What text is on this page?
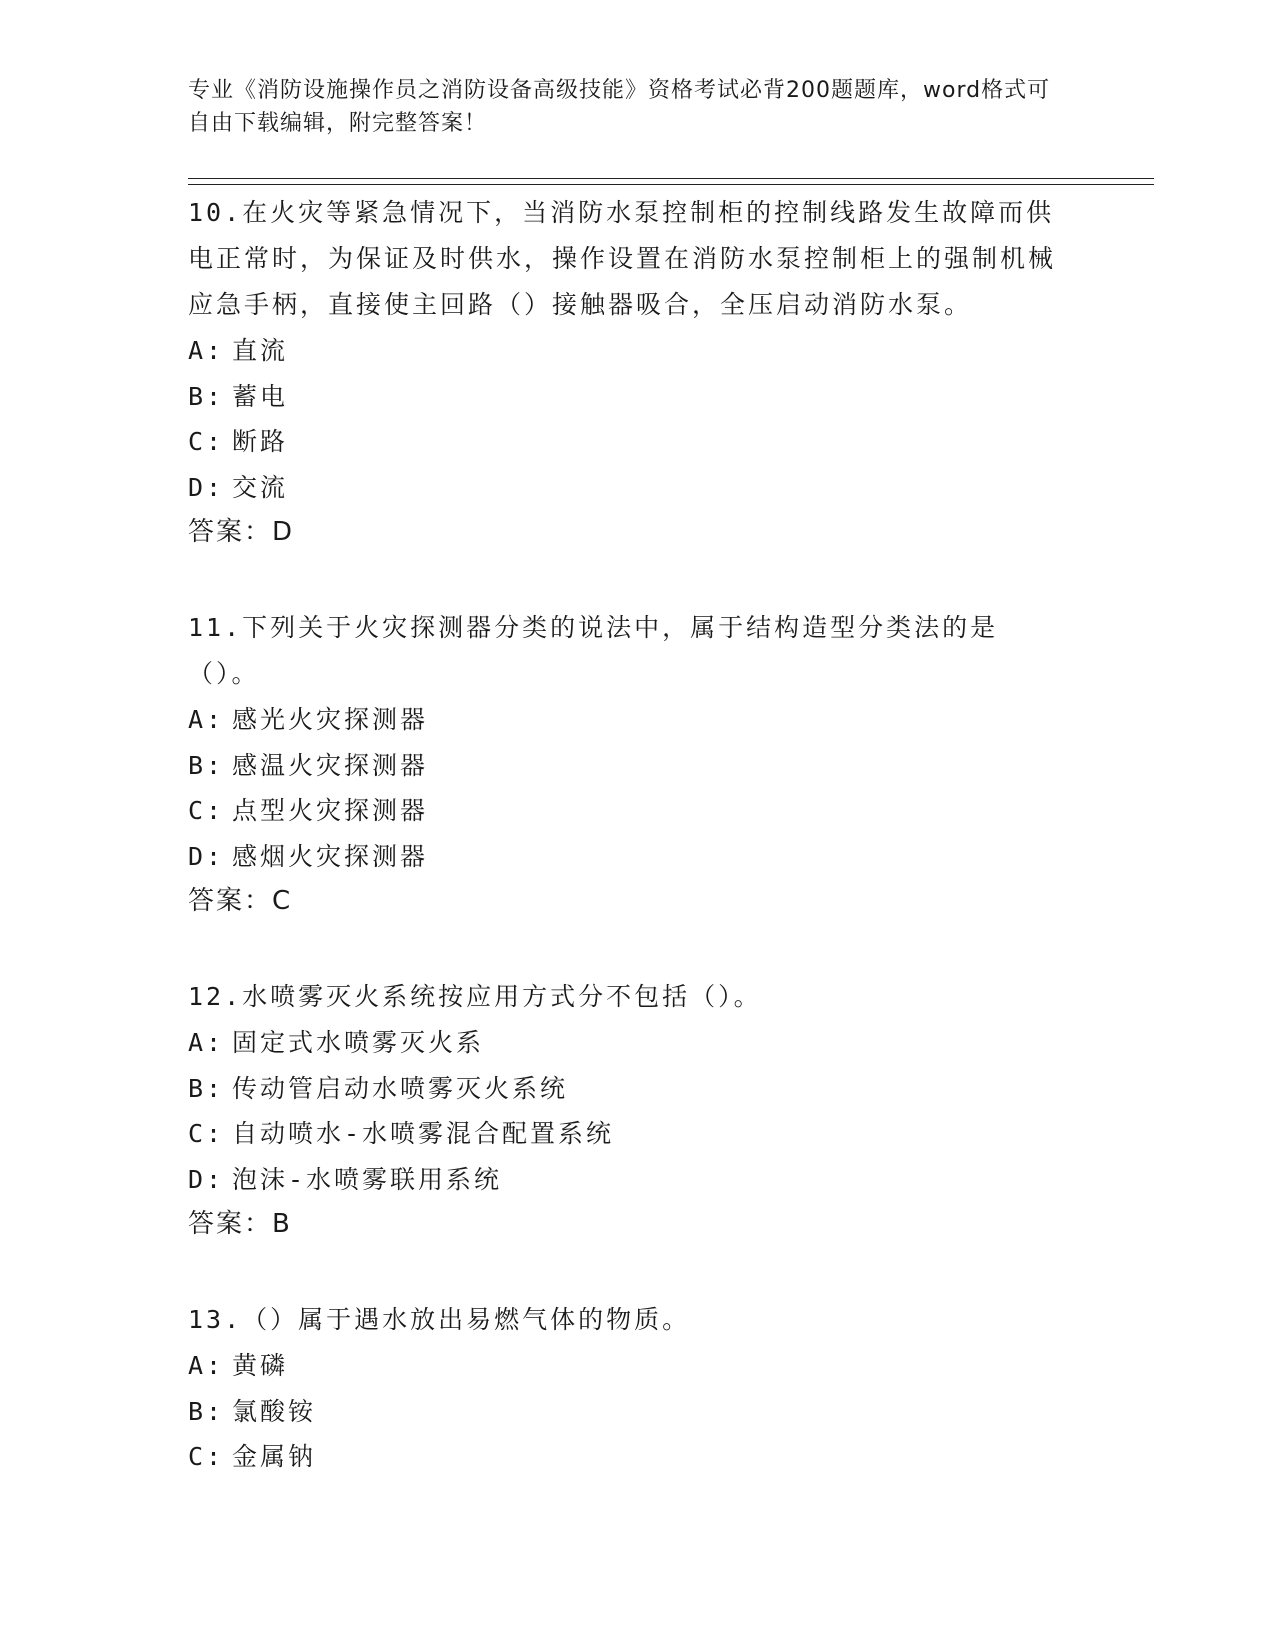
专业《消防设施操作员之消防设备高级技能》资格考试必背200题题库，word格式可自由下载编辑，附完整答案！

10.在火灾等紧急情况下，当消防水泵控制柜的控制线路发生故障而供电正常时，为保证及时供水，操作设置在消防水泵控制柜上的强制机械应急手柄，直接使主回路（）接触器吸合，全压启动消防水泵。

A: 直流
B: 蓄电
C: 断路
D: 交流
答案：D

11.下列关于火灾探测器分类的说法中，属于结构造型分类法的是（）。

A: 感光火灾探测器
B: 感温火灾探测器
C: 点型火灾探测器
D: 感烟火灾探测器
答案：C

12.水喷雾灭火系统按应用方式分不包括（）。

A: 固定式水喷雾灭火系
B: 传动管启动水喷雾灭火系统
C: 自动喷水-水喷雾混合配置系统
D: 泡沫-水喷雾联用系统
答案：B

13.（）属于遇水放出易燃气体的物质。

A: 黄磷
B: 氯酸铵
C: 金属钠
